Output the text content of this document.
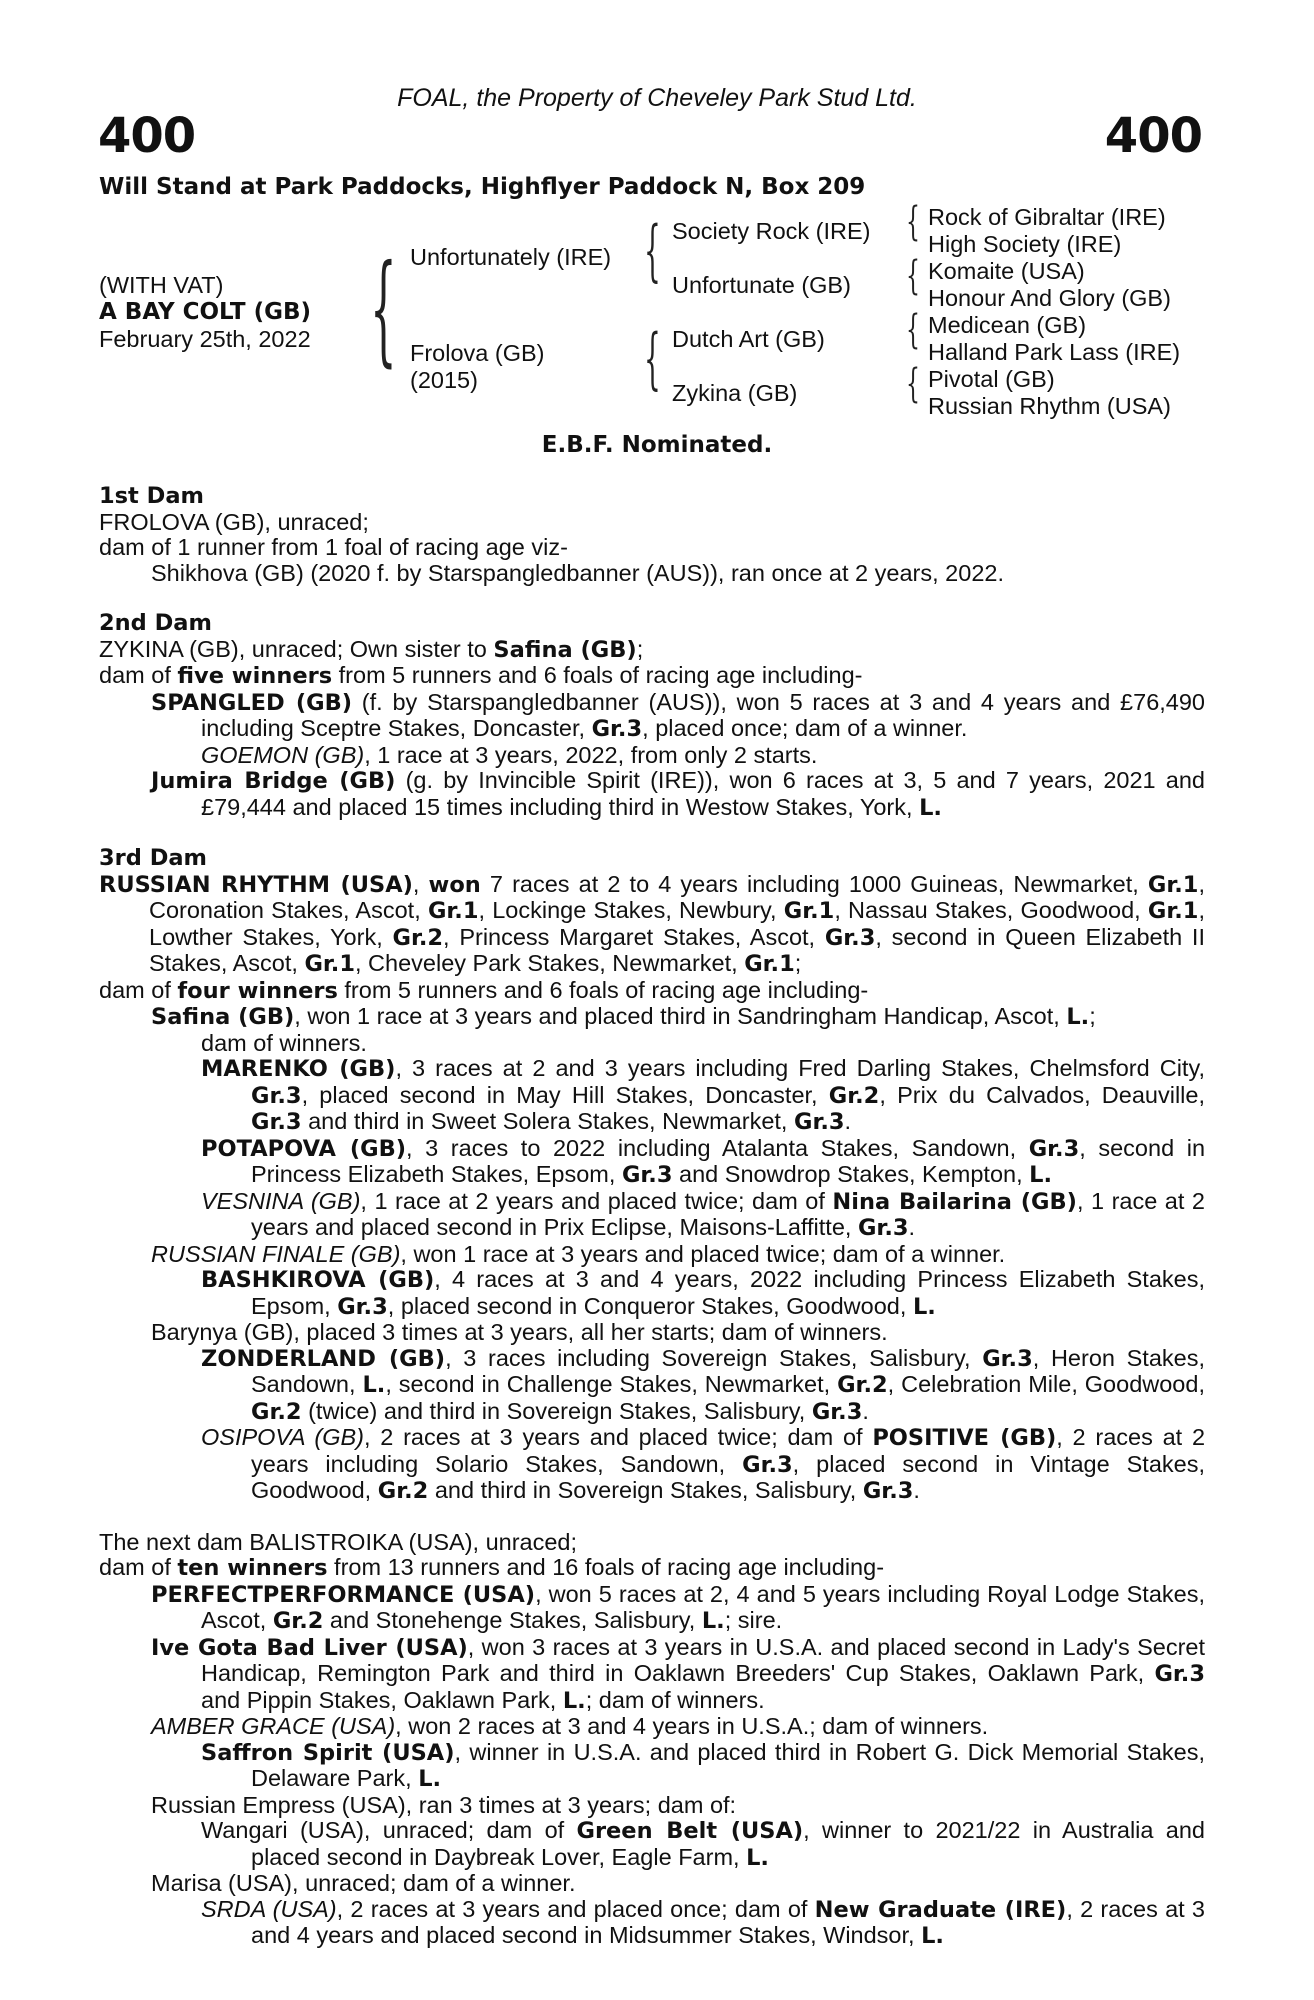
FOAL, the Property of Cheveley Park Stud Ltd.
400	400
Will Stand at Park Paddocks, Highflyer Paddock N, Box 209
(WITH VAT)
A BAY COLT (GB)
February 25th, 2022 { Unfortunately (IRE)
Frolova (GB)
(2015)
{ Society Rock (IRE)
Unfortunate (GB)
{ Dutch Art (GB)
Zykina (GB)
{ Rock of Gibraltar (IRE)
High Society (IRE)
{ Komaite (USA)
Honour And Glory (GB)
{ Medicean (GB)
Halland Park Lass (IRE)
{ Pivotal (GB)
Russian Rhythm (USA)
E.B.F. Nominated.
1st Dam
FROLOVA (GB), unraced;
dam of 1 runner from 1 foal of racing age viz-
Shikhova (GB) (2020 f. by Starspangledbanner (AUS)), ran once at 2 years, 2022.
2nd Dam
ZYKINA (GB), unraced; Own sister to Safina (GB);
dam of five winners from 5 runners and 6 foals of racing age including-
SPANGLED (GB) (f. by Starspangledbanner (AUS)), won 5 races at 3 and 4 years and £76,490 including Sceptre Stakes, Doncaster, Gr.3, placed once; dam of a winner.
GOEMON (GB), 1 race at 3 years, 2022, from only 2 starts.
Jumira Bridge (GB) (g. by Invincible Spirit (IRE)), won 6 races at 3, 5 and 7 years, 2021 and £79,444 and placed 15 times including third in Westow Stakes, York, L.
3rd Dam
RUSSIAN RHYTHM (USA), won 7 races at 2 to 4 years including 1000 Guineas, Newmarket, Gr.1, Coronation Stakes, Ascot, Gr.1, Lockinge Stakes, Newbury, Gr.1, Nassau Stakes, Goodwood, Gr.1, Lowther Stakes, York, Gr.2, Princess Margaret Stakes, Ascot, Gr.3, second in Queen Elizabeth II Stakes, Ascot, Gr.1, Cheveley Park Stakes, Newmarket, Gr.1;
dam of four winners from 5 runners and 6 foals of racing age including-
Safina (GB), won 1 race at 3 years and placed third in Sandringham Handicap, Ascot, L.;
dam of winners.
MARENKO (GB), 3 races at 2 and 3 years including Fred Darling Stakes, Chelmsford City, Gr.3, placed second in May Hill Stakes, Doncaster, Gr.2, Prix du Calvados, Deauville, Gr.3 and third in Sweet Solera Stakes, Newmarket, Gr.3.
POTAPOVA (GB), 3 races to 2022 including Atalanta Stakes, Sandown, Gr.3, second in Princess Elizabeth Stakes, Epsom, Gr.3 and Snowdrop Stakes, Kempton, L.
VESNINA (GB), 1 race at 2 years and placed twice; dam of Nina Bailarina (GB), 1 race at 2 years and placed second in Prix Eclipse, Maisons-Laffitte, Gr.3.
RUSSIAN FINALE (GB), won 1 race at 3 years and placed twice; dam of a winner.
BASHKIROVA (GB), 4 races at 3 and 4 years, 2022 including Princess Elizabeth Stakes, Epsom, Gr.3, placed second in Conqueror Stakes, Goodwood, L.
Barynya (GB), placed 3 times at 3 years, all her starts; dam of winners.
ZONDERLAND (GB), 3 races including Sovereign Stakes, Salisbury, Gr.3, Heron Stakes, Sandown, L., second in Challenge Stakes, Newmarket, Gr.2, Celebration Mile, Goodwood, Gr.2 (twice) and third in Sovereign Stakes, Salisbury, Gr.3.
OSIPOVA (GB), 2 races at 3 years and placed twice; dam of POSITIVE (GB), 2 races at 2 years including Solario Stakes, Sandown, Gr.3, placed second in Vintage Stakes, Goodwood, Gr.2 and third in Sovereign Stakes, Salisbury, Gr.3.
The next dam BALISTROIKA (USA), unraced;
dam of ten winners from 13 runners and 16 foals of racing age including-
PERFECTPERFORMANCE (USA), won 5 races at 2, 4 and 5 years including Royal Lodge Stakes, Ascot, Gr.2 and Stonehenge Stakes, Salisbury, L.; sire.
Ive Gota Bad Liver (USA), won 3 races at 3 years in U.S.A. and placed second in Lady's Secret Handicap, Remington Park and third in Oaklawn Breeders' Cup Stakes, Oaklawn Park, Gr.3 and Pippin Stakes, Oaklawn Park, L.; dam of winners.
AMBER GRACE (USA), won 2 races at 3 and 4 years in U.S.A.; dam of winners.
Saffron Spirit (USA), winner in U.S.A. and placed third in Robert G. Dick Memorial Stakes, Delaware Park, L.
Russian Empress (USA), ran 3 times at 3 years; dam of:
Wangari (USA), unraced; dam of Green Belt (USA), winner to 2021/22 in Australia and placed second in Daybreak Lover, Eagle Farm, L.
Marisa (USA), unraced; dam of a winner.
SRDA (USA), 2 races at 3 years and placed once; dam of New Graduate (IRE), 2 races at 3 and 4 years and placed second in Midsummer Stakes, Windsor, L.
